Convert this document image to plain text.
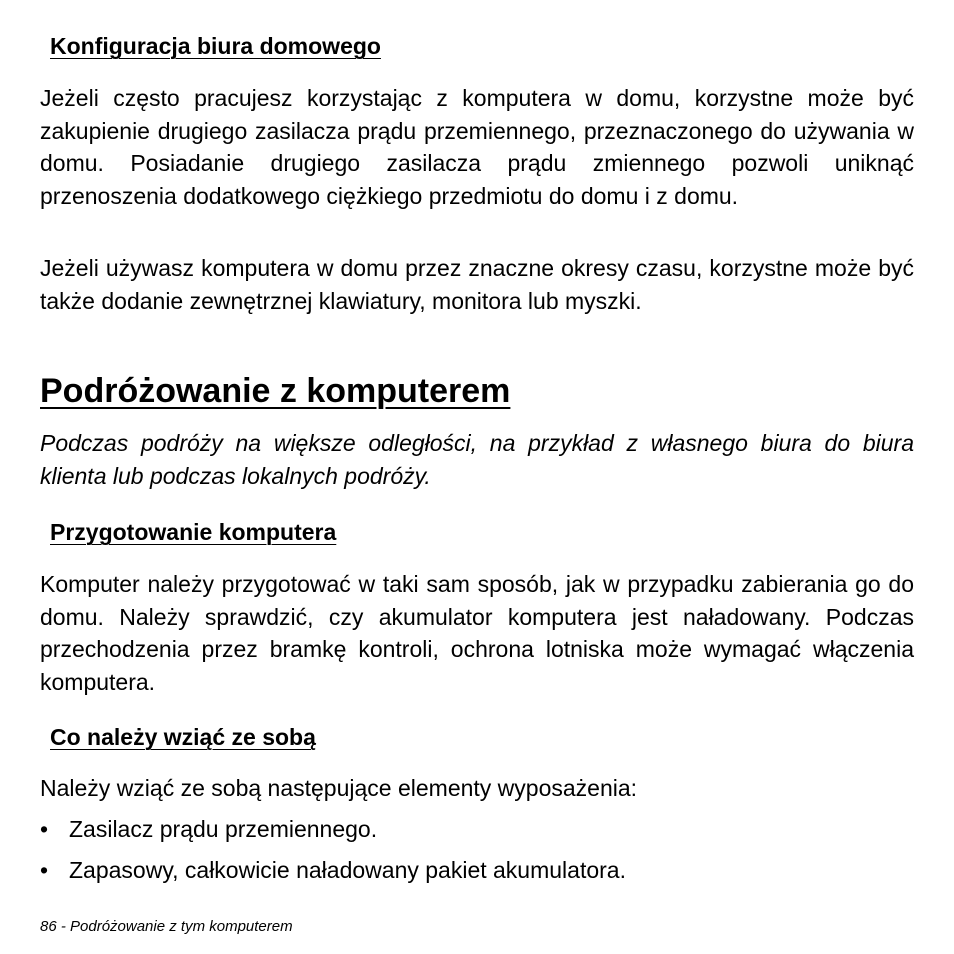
Konfiguracja biura domowego

Jeżeli często pracujesz korzystając z komputera w domu, korzystne może być zakupienie drugiego zasilacza prądu przemiennego, przeznaczonego do używania w domu. Posiadanie drugiego zasilacza prądu zmiennego pozwoli uniknąć przenoszenia dodatkowego ciężkiego przedmiotu do domu i z domu.

Jeżeli używasz komputera w domu przez znaczne okresy czasu, korzystne może być także dodanie zewnętrznej klawiatury, monitora lub myszki.

Podróżowanie z komputerem

Podczas podróży na większe odległości, na przykład z własnego biura do biura klienta lub podczas lokalnych podróży.

Przygotowanie komputera

Komputer należy przygotować w taki sam sposób, jak w przypadku zabierania go do domu. Należy sprawdzić, czy akumulator komputera jest naładowany. Podczas przechodzenia przez bramkę kontroli, ochrona lotniska może wymagać włączenia komputera.

Co należy wziąć ze sobą

Należy wziąć ze sobą następujące elementy wyposażenia:

• Zasilacz prądu przemiennego.
• Zapasowy, całkowicie naładowany pakiet akumulatora.
86 - Podróżowanie z tym komputerem
